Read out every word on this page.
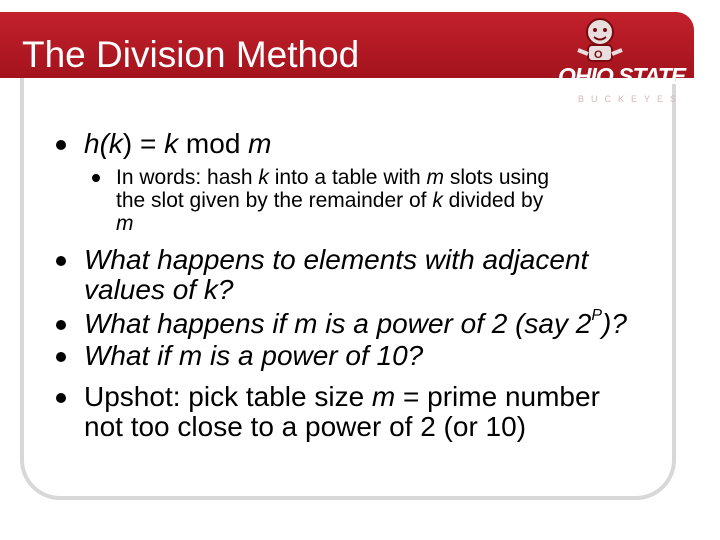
The Division Method	O
OHIO STATE
BUCKEYES
h(k) = k mod m
In words: hash k into a table with m slots using
the slot given by the remainder of k divided by
m
What happens to elements with adjacent
values of k?
What happens if m is a power of 2 (say $2^P$)?
What if m is a power of 10?
Upshot: pick table size m = prime number
not too close to a power of 2 (or 10)
